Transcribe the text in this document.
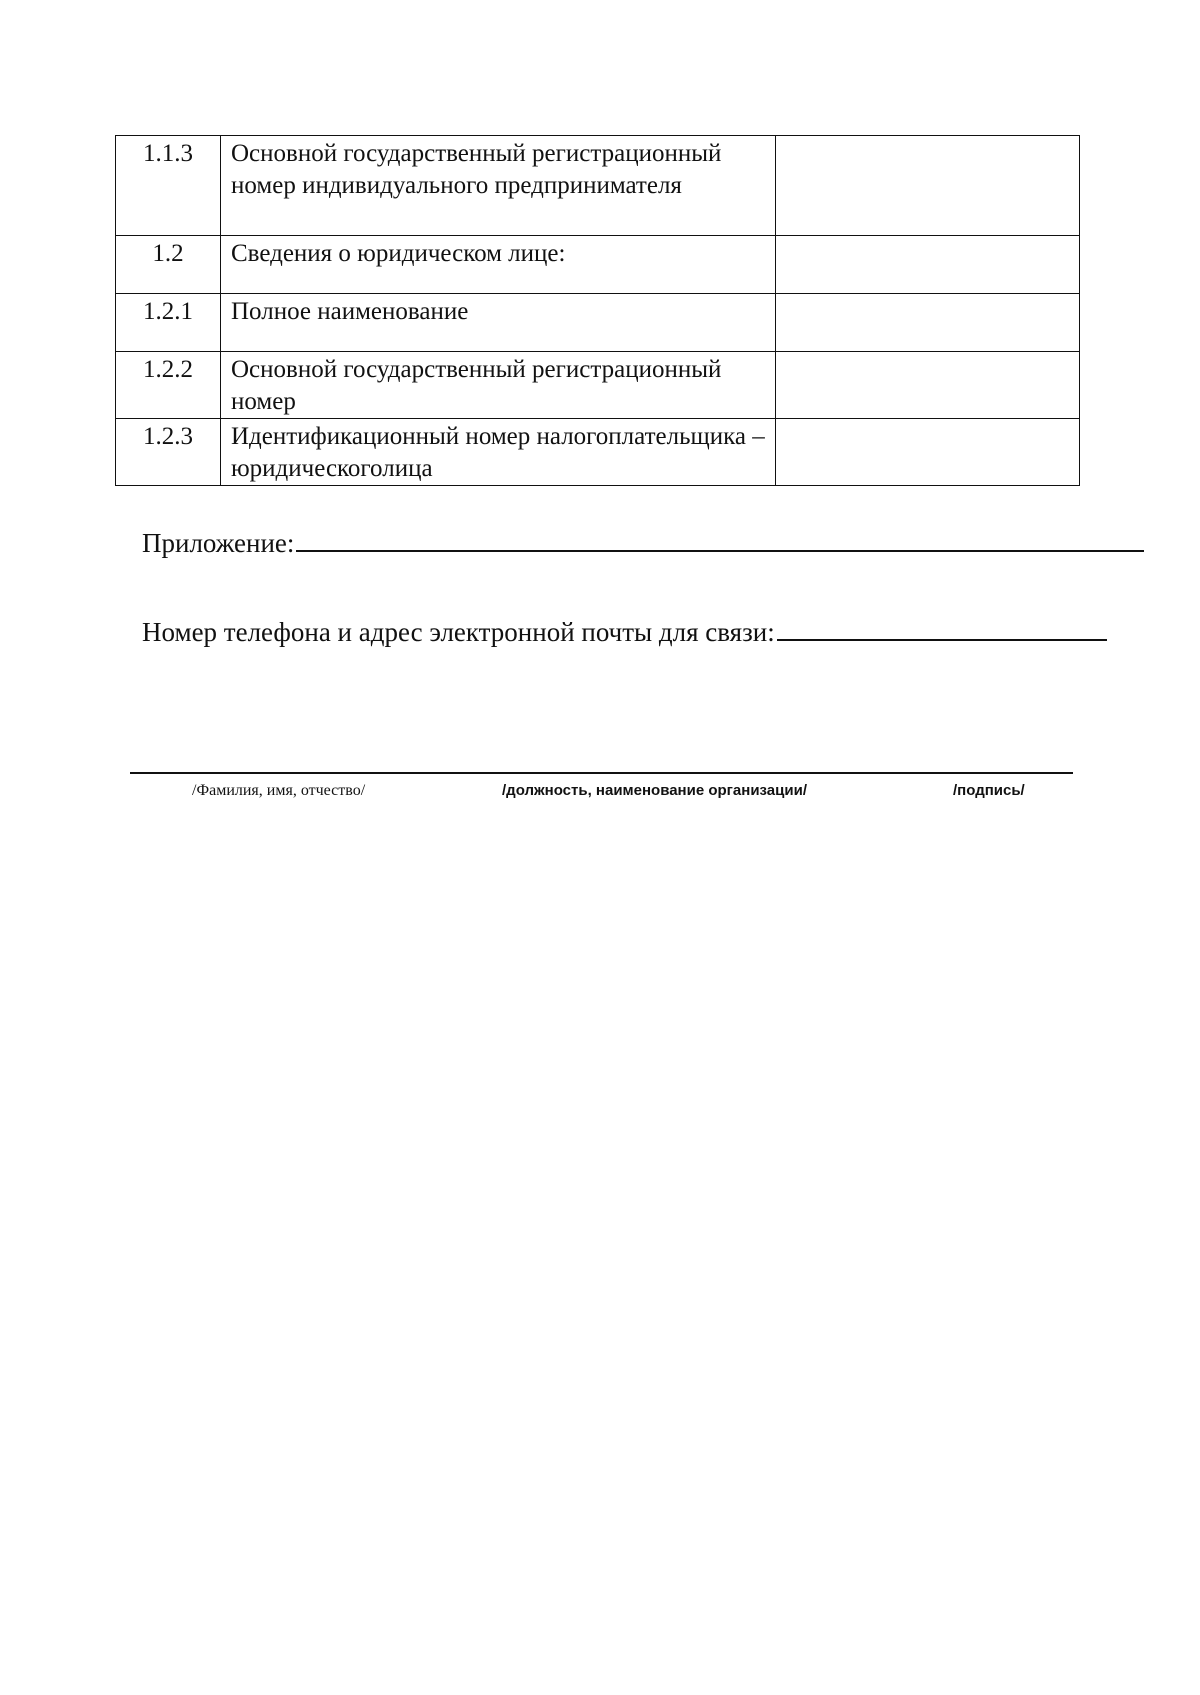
1.1.3	Основной государственный регистрационный номер индивидуального предпринимателя	
1.2	Сведения о юридическом лице:	
1.2.1	Полное наименование	
1.2.2	Основной государственный регистрационный номер	
1.2.3	Идентификационный номер налогоплательщика – юридическоголица	
Приложение:
Номер телефона и адрес электронной почты для связи:
/Фамилия, имя, отчество/	/должность, наименование организации/	/подпись/
